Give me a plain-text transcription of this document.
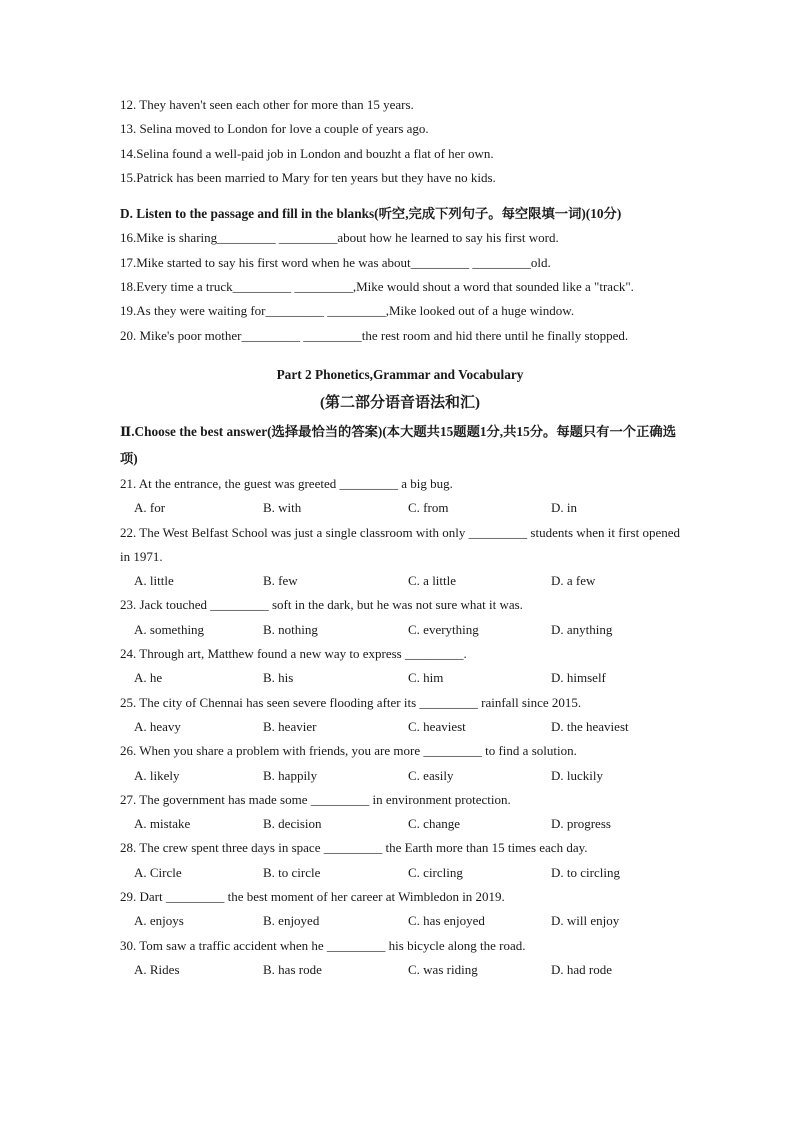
12. They haven't seen each other for more than 15 years.
13. Selina moved to London for love a couple of years ago.
14.Selina found a well-paid job in London and bouzht a flat of her own.
15.Patrick has been married to Mary for ten years but they have no kids.
D. Listen to the passage and fill in the blanks(听空,完成下列句子。每空限填一词)(10分)
16.Mike is sharing_________ _________about how he learned to say his first word.
17.Mike started to say his first word when he was about_________ _________old.
18.Every time a truck_________ _________,Mike would shout a word that sounded like a "track".
19.As they were waiting for_________ _________,Mike looked out of a huge window.
20. Mike's poor mother_________ _________the rest room and hid there until he finally stopped.
Part 2 Phonetics,Grammar and Vocabulary
(第二部分语音语法和汇)
Ⅱ.Choose the best answer(选择最恰当的答案)(本大题共15题题1分,共15分。每题只有一个正确选项)
21. At the entrance, the guest was greeted _________ a big bug.
A. for	B. with	C. from	D. in
22. The West Belfast School was just a single classroom with only _________ students when it first opened in 1971.
A. little	B. few	C. a little	D. a few
23. Jack touched _________ soft in the dark, but he was not sure what it was.
A. something	B. nothing	C. everything	D. anything
24. Through art, Matthew found a new way to express _________.
A. he	B. his	C. him	D. himself
25. The city of Chennai has seen severe flooding after its _________ rainfall since 2015.
A. heavy	B. heavier	C. heaviest	D. the heaviest
26. When you share a problem with friends, you are more _________ to find a solution.
A. likely	B. happily	C. easily	D. luckily
27. The government has made some _________ in environment protection.
A. mistake	B. decision	C. change	D. progress
28. The crew spent three days in space _________ the Earth more than 15 times each day.
A. Circle	B. to circle	C. circling	D. to circling
29. Dart _________ the best moment of her career at Wimbledon in 2019.
A. enjoys	B. enjoyed	C. has enjoyed	D. will enjoy
30. Tom saw a traffic accident when he _________ his bicycle along the road.
A. Rides	B. has rode	C. was riding	D. had rode
